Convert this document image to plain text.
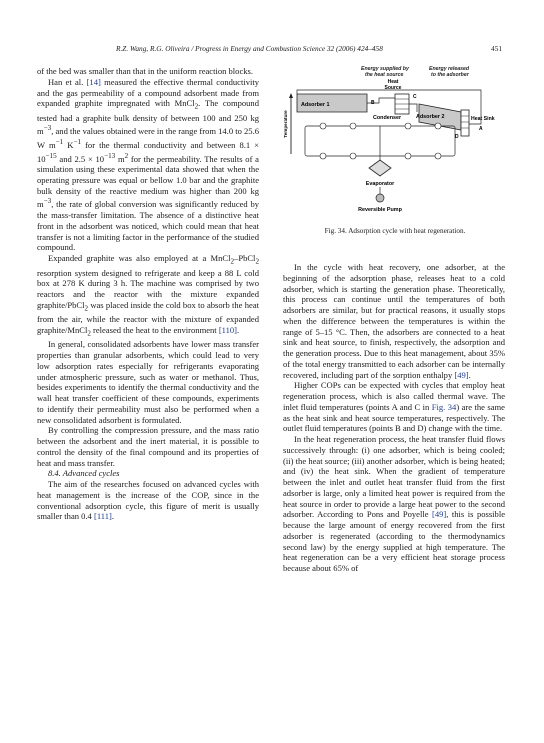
R.Z. Wang, R.G. Oliveira / Progress in Energy and Combustion Science 32 (2006) 424–458	451

of the bed was smaller than that in the uniform reaction blocks.

Han et al. [14] measured the effective thermal conductivity and the gas permeability of a compound adsorbent made from expanded graphite impregnated with MnCl$_2$. The compound tested had a graphite bulk density of between 100 and 250 kg $m^{-3}$, and the values obtained were in the range from 14.0 to 25.6 W $m^{-1}$ $K^{-1}$ for the thermal conductivity and between $8.1 \times 10^{-15}$ and $2.5 \times 10^{-13}$ $m^2$ for the permeability. The results of a simulation using these experimental data showed that when the operating pressure was equal or bellow 1.0 bar and the graphite bulk density of the reactive medium was higher than 200 kg $m^{-3}$, the rate of global conversion was significantly reduced by the mass-transfer limitation. The absence of a distinctive heat front in the adsorbent was noticed, which could mean that heat transfer is not a limiting factor in the performance of the studied compound.

Expanded graphite was also employed at a MnCl$_2$–PbCl$_2$ resorption system designed to refrigerate and keep a 88 L cold box at 278 K during 3 h. The machine was comprised by two reactors and the reactor with the mixture expanded graphite/PbCl$_2$ was placed inside the cold box to absorb the heat from the air, while the reactor with the mixture of expanded graphite/MnCl$_2$ released the heat to the environment [110].

In general, consolidated adsorbents have lower mass transfer properties than granular adsorbents, which could lead to very low adsorption rates especially for refrigerants evaporating under atmospheric pressure, such as water or methanol. Thus, besides experiments to identify the thermal conductivity and the wall heat transfer coefficient of these compounds, experiments to identify their permeability must also be performed when a new consolidated adsorbent is formulated.

By controlling the compression pressure, and the mass ratio between the adsorbent and the inert material, it is possible to control the density of the final compound and its properties of heat and mass transfer.

8.4. Advanced cycles

The aim of the researches focused on advanced cycles with heat management is the increase of the COP, since in the conventional adsorption cycle, this figure of merit is usually smaller than 0.4 [111].

Energy supplied by
the heat source
Energy released
to the adsorber
Temperature
Heat
Source
Adsorber 1	B
C
Adsorber 2
Condenser	Heat Sink
D
A
Evaporator
Reversible Pump
Fig. 34. Adsorption cycle with heat regeneration.

In the cycle with heat recovery, one adsorber, at the beginning of the adsorption phase, releases heat to a cold adsorber, which is starting the generation phase. Theoretically, this process can continue until the temperatures of both adsorbers are similar, but for practical reasons, it usually stops when the difference between the temperatures is within the range of 5–15 °C. Then, the adsorbers are connected to a heat sink and heat source, to finish, respectively, the adsorption and the generation process. Due to this heat management, about 35% of the total energy transmitted to each adsorber can be internally recovered, including part of the sorption enthalpy [49].

Higher COPs can be expected with cycles that employ heat regeneration process, which is also called thermal wave. The inlet fluid temperatures (points A and C in Fig. 34) are the same as the heat sink and heat source temperatures, respectively. The outlet fluid temperatures (points B and D) change with the time.

In the heat regeneration process, the heat transfer fluid flows successively through: (i) one adsorber, which is being cooled; (ii) the heat source; (iii) another adsorber, which is being heated; and (iv) the heat sink. When the gradient of temperature between the inlet and outlet heat transfer fluid from the first adsorber is large, only a limited heat power is required from the heat source in order to provide a large heat power to the second adsorber. According to Pons and Poyelle [49], this is possible because the large amount of energy recovered from the first adsorber is regenerated (according to the thermodynamics second law) by the energy supplied at high temperature. The heat regeneration can be a very efficient heat storage process because about 65% of
